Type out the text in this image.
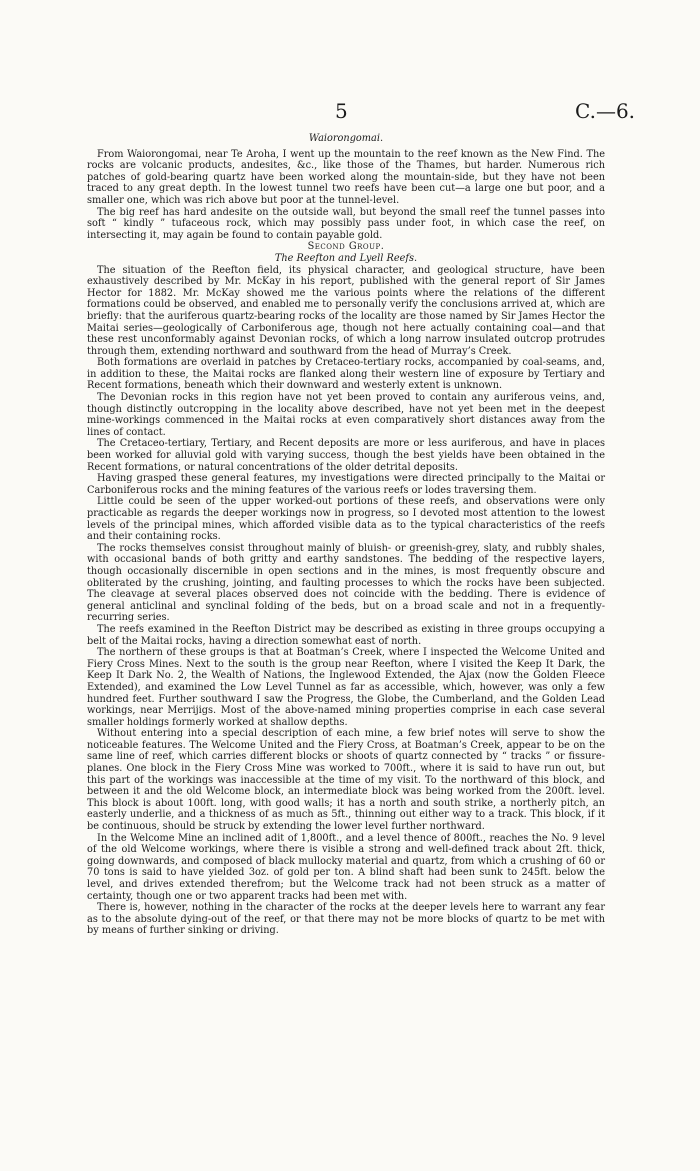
5	C.—6.

Waiorongomai.

From Waiorongomai, near Te Aroha, I went up the mountain to the reef known as the New Find. The rocks are volcanic products, andesites, &c., like those of the Thames, but harder. Numerous rich patches of gold-bearing quartz have been worked along the mountain-side, but they have not been traced to any great depth. In the lowest tunnel two reefs have been cut—a large one but poor, and a smaller one, which was rich above but poor at the tunnel-level.

The big reef has hard andesite on the outside wall, but beyond the small reef the tunnel passes into soft “ kindly ” tufaceous rock, which may possibly pass under foot, in which case the reef, on intersecting it, may again be found to contain payable gold.

Second Group.

The Reefton and Lyell Reefs.

The situation of the Reefton field, its physical character, and geological structure, have been exhaustively described by Mr. McKay in his report, published with the general report of Sir James Hector for 1882. Mr. McKay showed me the various points where the relations of the different formations could be observed, and enabled me to personally verify the conclusions arrived at, which are briefly: that the auriferous quartz-bearing rocks of the locality are those named by Sir James Hector the Maitai series—geologically of Carboniferous age, though not here actually containing coal—and that these rest unconformably against Devonian rocks, of which a long narrow insulated outcrop protrudes through them, extending northward and southward from the head of Murray’s Creek.

Both formations are overlaid in patches by Cretaceo-tertiary rocks, accompanied by coal-seams, and, in addition to these, the Maitai rocks are flanked along their western line of exposure by Tertiary and Recent formations, beneath which their downward and westerly extent is unknown.

The Devonian rocks in this region have not yet been proved to contain any auriferous veins, and, though distinctly outcropping in the locality above described, have not yet been met in the deepest mine-workings commenced in the Maitai rocks at even comparatively short distances away from the lines of contact.

The Cretaceo-tertiary, Tertiary, and Recent deposits are more or less auriferous, and have in places been worked for alluvial gold with varying success, though the best yields have been obtained in the Recent formations, or natural concentrations of the older detrital deposits.

Having grasped these general features, my investigations were directed principally to the Maitai or Carboniferous rocks and the mining features of the various reefs or lodes traversing them.

Little could be seen of the upper worked-out portions of these reefs, and observations were only practicable as regards the deeper workings now in progress, so I devoted most attention to the lowest levels of the principal mines, which afforded visible data as to the typical characteristics of the reefs and their containing rocks.

The rocks themselves consist throughout mainly of bluish- or greenish-grey, slaty, and rubbly shales, with occasional bands of both gritty and earthy sandstones. The bedding of the respective layers, though occasionally discernible in open sections and in the mines, is most frequently obscure and obliterated by the crushing, jointing, and faulting processes to which the rocks have been subjected. The cleavage at several places observed does not coincide with the bedding. There is evidence of general anticlinal and synclinal folding of the beds, but on a broad scale and not in a frequently-recurring series.

The reefs examined in the Reefton District may be described as existing in three groups occupying a belt of the Maitai rocks, having a direction somewhat east of north.

The northern of these groups is that at Boatman’s Creek, where I inspected the Welcome United and Fiery Cross Mines. Next to the south is the group near Reefton, where I visited the Keep It Dark, the Keep It Dark No. 2, the Wealth of Nations, the Inglewood Extended, the Ajax (now the Golden Fleece Extended), and examined the Low Level Tunnel as far as accessible, which, however, was only a few hundred feet. Further southward I saw the Progress, the Globe, the Cumberland, and the Golden Lead workings, near Merrijigs. Most of the above-named mining properties comprise in each case several smaller holdings formerly worked at shallow depths.

Without entering into a special description of each mine, a few brief notes will serve to show the noticeable features. The Welcome United and the Fiery Cross, at Boatman’s Creek, appear to be on the same line of reef, which carries different blocks or shoots of quartz connected by “ tracks ” or fissure-planes. One block in the Fiery Cross Mine was worked to 700ft., where it is said to have run out, but this part of the workings was inaccessible at the time of my visit. To the northward of this block, and between it and the old Welcome block, an intermediate block was being worked from the 200ft. level. This block is about 100ft. long, with good walls; it has a north and south strike, a northerly pitch, an easterly underlie, and a thickness of as much as 5ft., thinning out either way to a track. This block, if it be continuous, should be struck by extending the lower level further northward.

In the Welcome Mine an inclined adit of 1,800ft., and a level thence of 800ft., reaches the No. 9 level of the old Welcome workings, where there is visible a strong and well-defined track about 2ft. thick, going downwards, and composed of black mullocky material and quartz, from which a crushing of 60 or 70 tons is said to have yielded 3oz. of gold per ton. A blind shaft had been sunk to 245ft. below the level, and drives extended therefrom; but the Welcome track had not been struck as a matter of certainty, though one or two apparent tracks had been met with.

There is, however, nothing in the character of the rocks at the deeper levels here to warrant any fear as to the absolute dying-out of the reef, or that there may not be more blocks of quartz to be met with by means of further sinking or driving.
